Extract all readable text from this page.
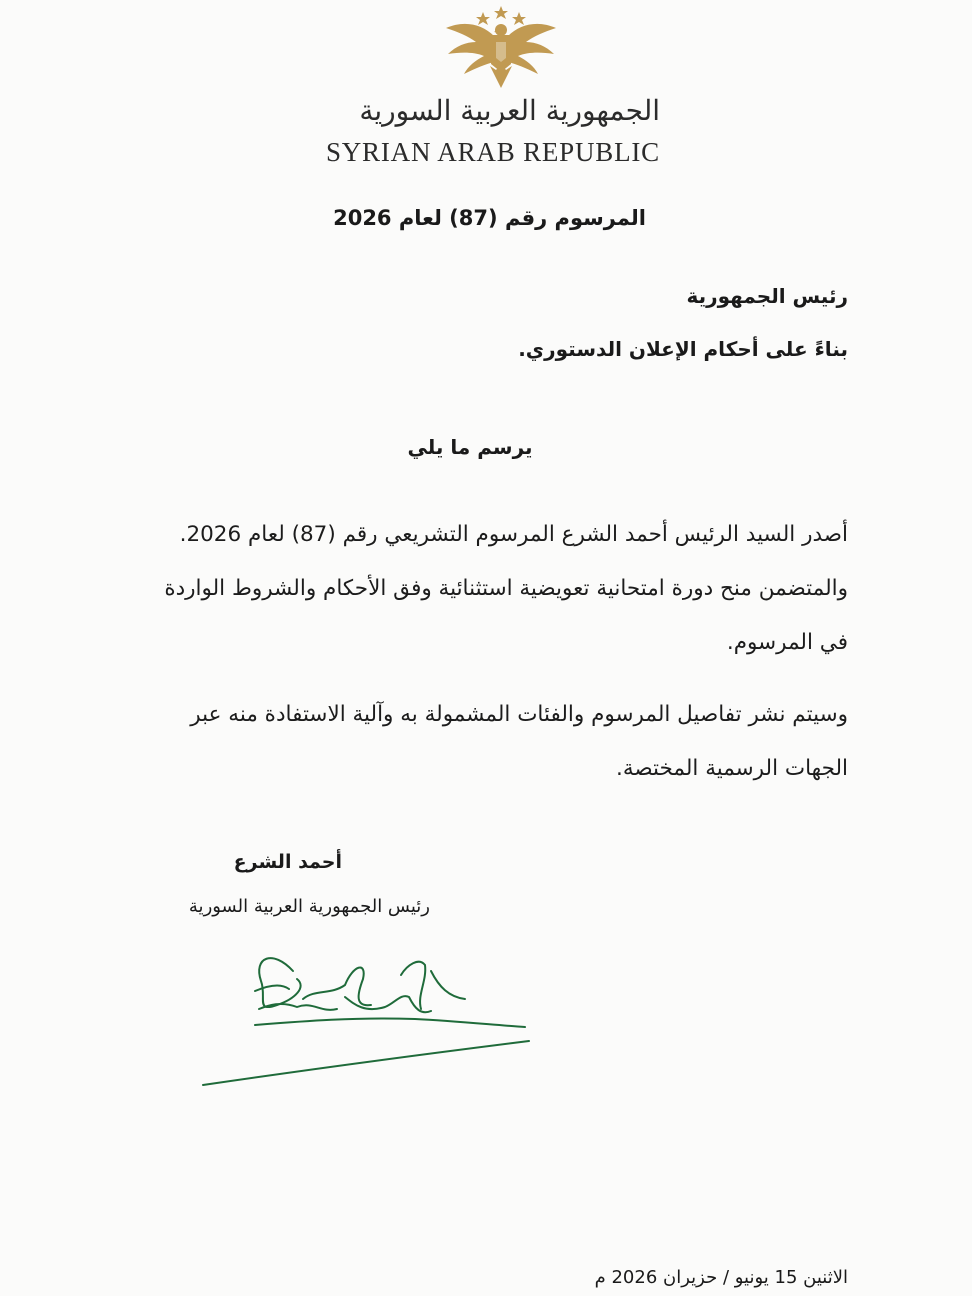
الجمهورية العربية السورية
SYRIAN ARAB REPUBLIC
المرسوم رقم (87) لعام 2026
رئيس الجمهورية
بناءً على أحكام الإعلان الدستوري.
يرسم ما يلي
أصدر السيد الرئيس أحمد الشرع المرسوم التشريعي رقم (87) لعام 2026. والمتضمن منح دورة امتحانية تعويضية استثنائية وفق الأحكام والشروط الواردة في المرسوم.
وسيتم نشر تفاصيل المرسوم والفئات المشمولة به وآلية الاستفادة منه عبر الجهات الرسمية المختصة.
أحمد الشرع
رئيس الجمهورية العربية السورية
الاثنين 15 يونيو / حزيران 2026 م
